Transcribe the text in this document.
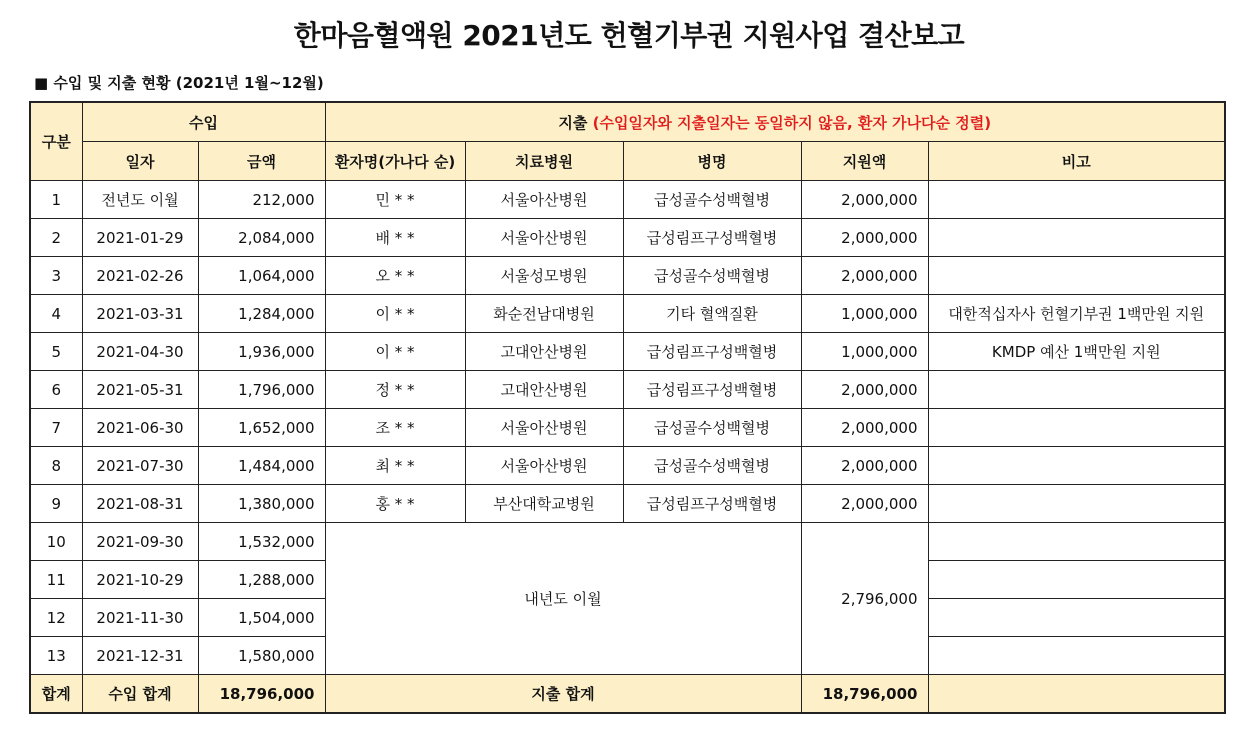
한마음혈액원 2021년도 헌혈기부권 지원사업 결산보고
■ 수입 및 지출 현황 (2021년 1월~12월)
구분	수입		지출 (수입일자와 지출일자는 동일하지 않음, 환자 가나다순 정렬)				
	일자	금액	환자명(가나다 순)	치료병원	병명	지원액	비고
1	전년도 이월	212,000	민 * *	서울아산병원	급성골수성백혈병	2,000,000	
2	2021-01-29	2,084,000	배 * *	서울아산병원	급성림프구성백혈병	2,000,000	
3	2021-02-26	1,064,000	오 * *	서울성모병원	급성골수성백혈병	2,000,000	
4	2021-03-31	1,284,000	이 * *	화순전남대병원	기타 혈액질환	1,000,000	대한적십자사 헌혈기부권 1백만원 지원
5	2021-04-30	1,936,000	이 * *	고대안산병원	급성림프구성백혈병	1,000,000	KMDP 예산 1백만원 지원
6	2021-05-31	1,796,000	정 * *	고대안산병원	급성림프구성백혈병	2,000,000	
7	2021-06-30	1,652,000	조 * *	서울아산병원	급성골수성백혈병	2,000,000	
8	2021-07-30	1,484,000	최 * *	서울아산병원	급성골수성백혈병	2,000,000	
9	2021-08-31	1,380,000	홍 * *	부산대학교병원	급성림프구성백혈병	2,000,000	
10	2021-09-30	1,532,000	내년도 이월			2,796,000	
11	2021-10-29	1,288,000					
12	2021-11-30	1,504,000					
13	2021-12-31	1,580,000					
합계	수입 합계	18,796,000	지출 합계			18,796,000	
